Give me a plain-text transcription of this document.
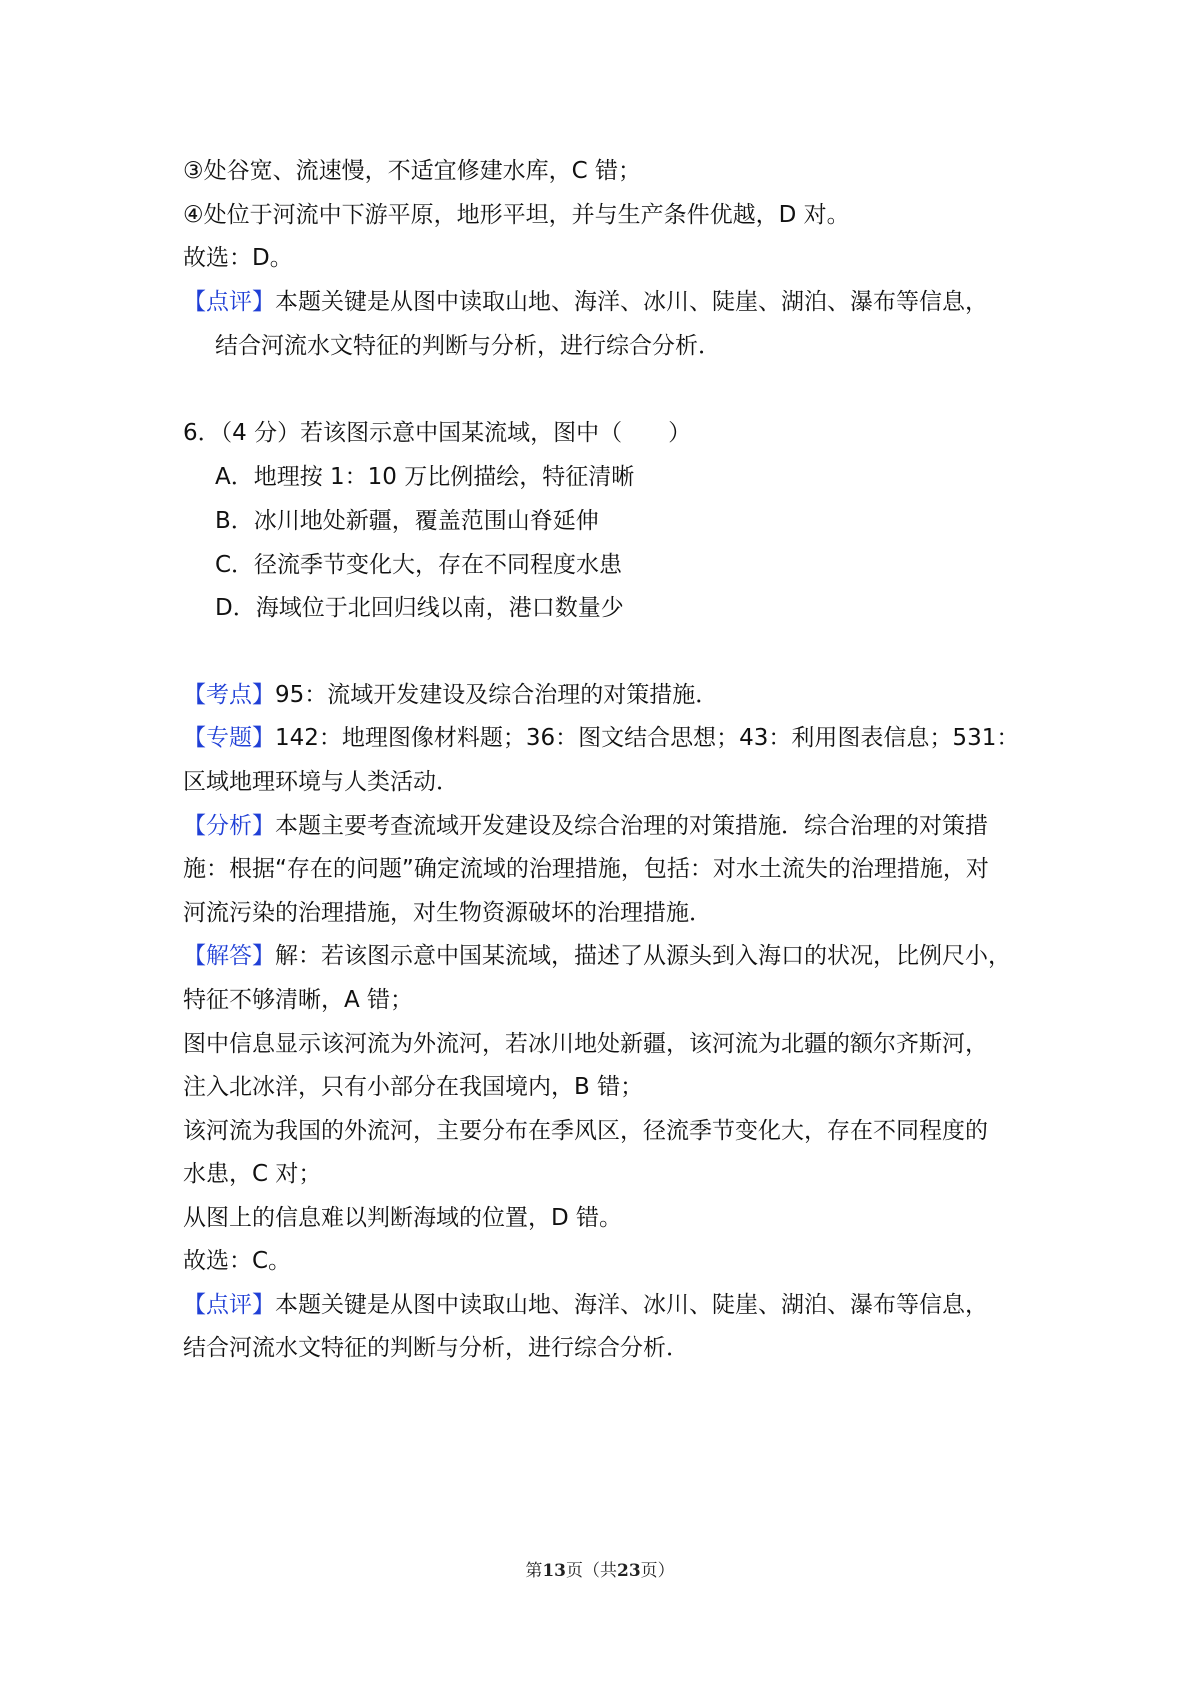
③处谷宽、流速慢，不适宜修建水库，C 错；
④处位于河流中下游平原，地形平坦，并与生产条件优越，D 对。
故选：D。
【点评】本题关键是从图中读取山地、海洋、冰川、陡崖、湖泊、瀑布等信息，
结合河流水文特征的判断与分析，进行综合分析．
6．（4 分）若该图示意中国某流域，图中（　　）
A．地理按 1：10 万比例描绘，特征清晰
B．冰川地处新疆，覆盖范围山脊延伸
C．径流季节变化大，存在不同程度水患
D．海域位于北回归线以南，港口数量少
【考点】95：流域开发建设及综合治理的对策措施．
【专题】142：地理图像材料题；36：图文结合思想；43：利用图表信息；531：
区域地理环境与人类活动．
【分析】本题主要考查流域开发建设及综合治理的对策措施．综合治理的对策措
施：根据“存在的问题”确定流域的治理措施，包括：对水土流失的治理措施，对
河流污染的治理措施，对生物资源破坏的治理措施．
【解答】解：若该图示意中国某流域，描述了从源头到入海口的状况，比例尺小，
特征不够清晰，A 错；
图中信息显示该河流为外流河，若冰川地处新疆，该河流为北疆的额尔齐斯河，
注入北冰洋，只有小部分在我国境内，B 错；
该河流为我国的外流河，主要分布在季风区，径流季节变化大，存在不同程度的
水患，C 对；
从图上的信息难以判断海域的位置，D 错。
故选：C。
【点评】本题关键是从图中读取山地、海洋、冰川、陡崖、湖泊、瀑布等信息，
结合河流水文特征的判断与分析，进行综合分析．
第13页（共23页）
